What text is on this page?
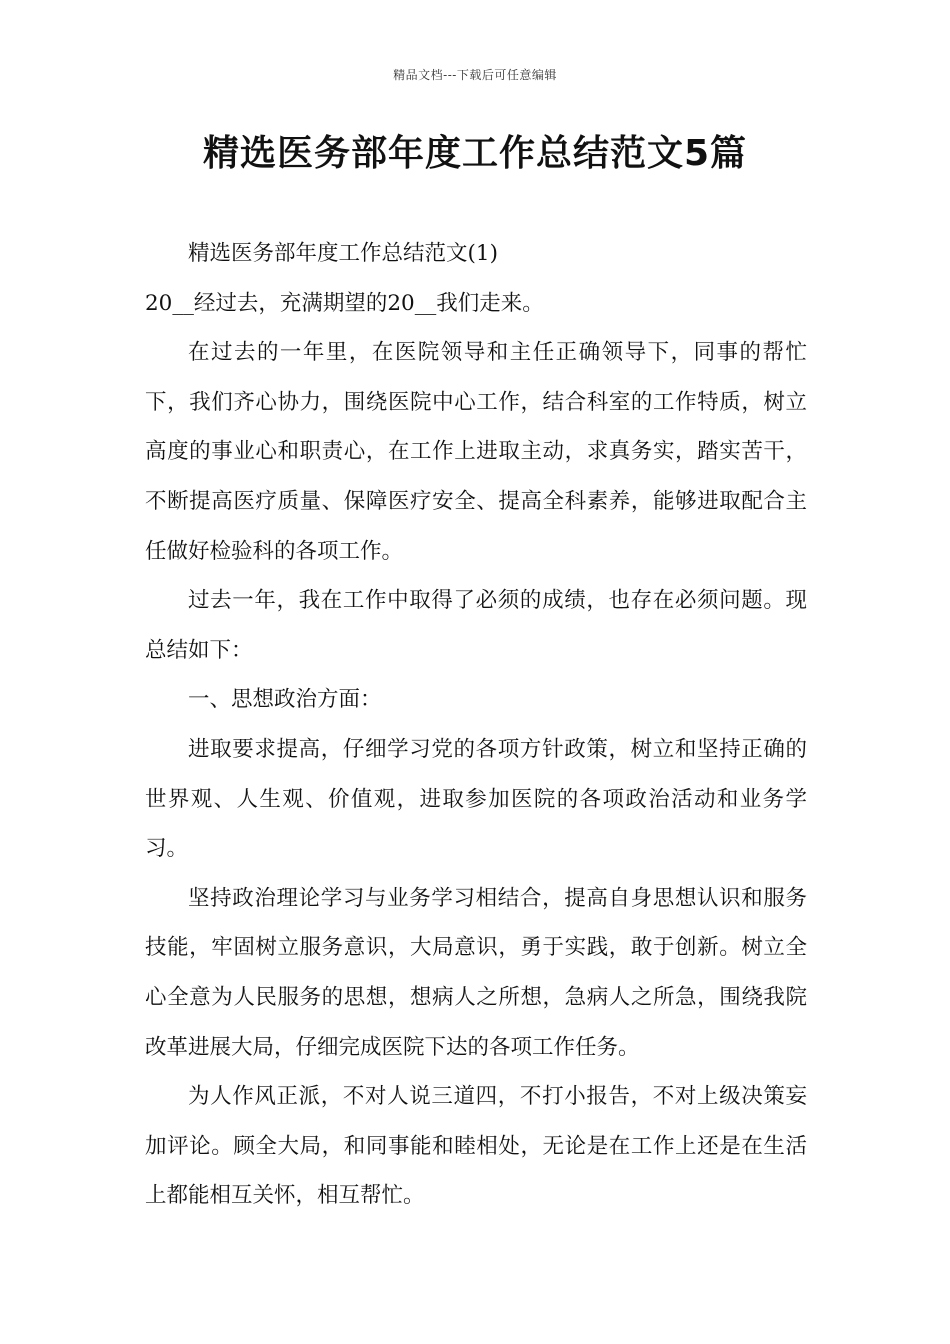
精品文档---下载后可任意编辑
精选医务部年度工作总结范文5篇

精选医务部年度工作总结范文(1)

20__经过去，充满期望的20__我们走来。

在过去的一年里，在医院领导和主任正确领导下，同事的帮忙下，我们齐心协力，围绕医院中心工作，结合科室的工作特质，树立高度的事业心和职责心，在工作上进取主动，求真务实，踏实苦干，不断提高医疗质量、保障医疗安全、提高全科素养，能够进取配合主任做好检验科的各项工作。

过去一年，我在工作中取得了必须的成绩，也存在必须问题。现总结如下：

一、思想政治方面：

进取要求提高，仔细学习党的各项方针政策，树立和坚持正确的世界观、人生观、价值观，进取参加医院的各项政治活动和业务学习。

坚持政治理论学习与业务学习相结合，提高自身思想认识和服务技能，牢固树立服务意识，大局意识，勇于实践，敢于创新。树立全心全意为人民服务的思想，想病人之所想，急病人之所急，围绕我院改革进展大局，仔细完成医院下达的各项工作任务。

为人作风正派，不对人说三道四，不打小报告，不对上级决策妄加评论。顾全大局，和同事能和睦相处，无论是在工作上还是在生活上都能相互关怀，相互帮忙。
